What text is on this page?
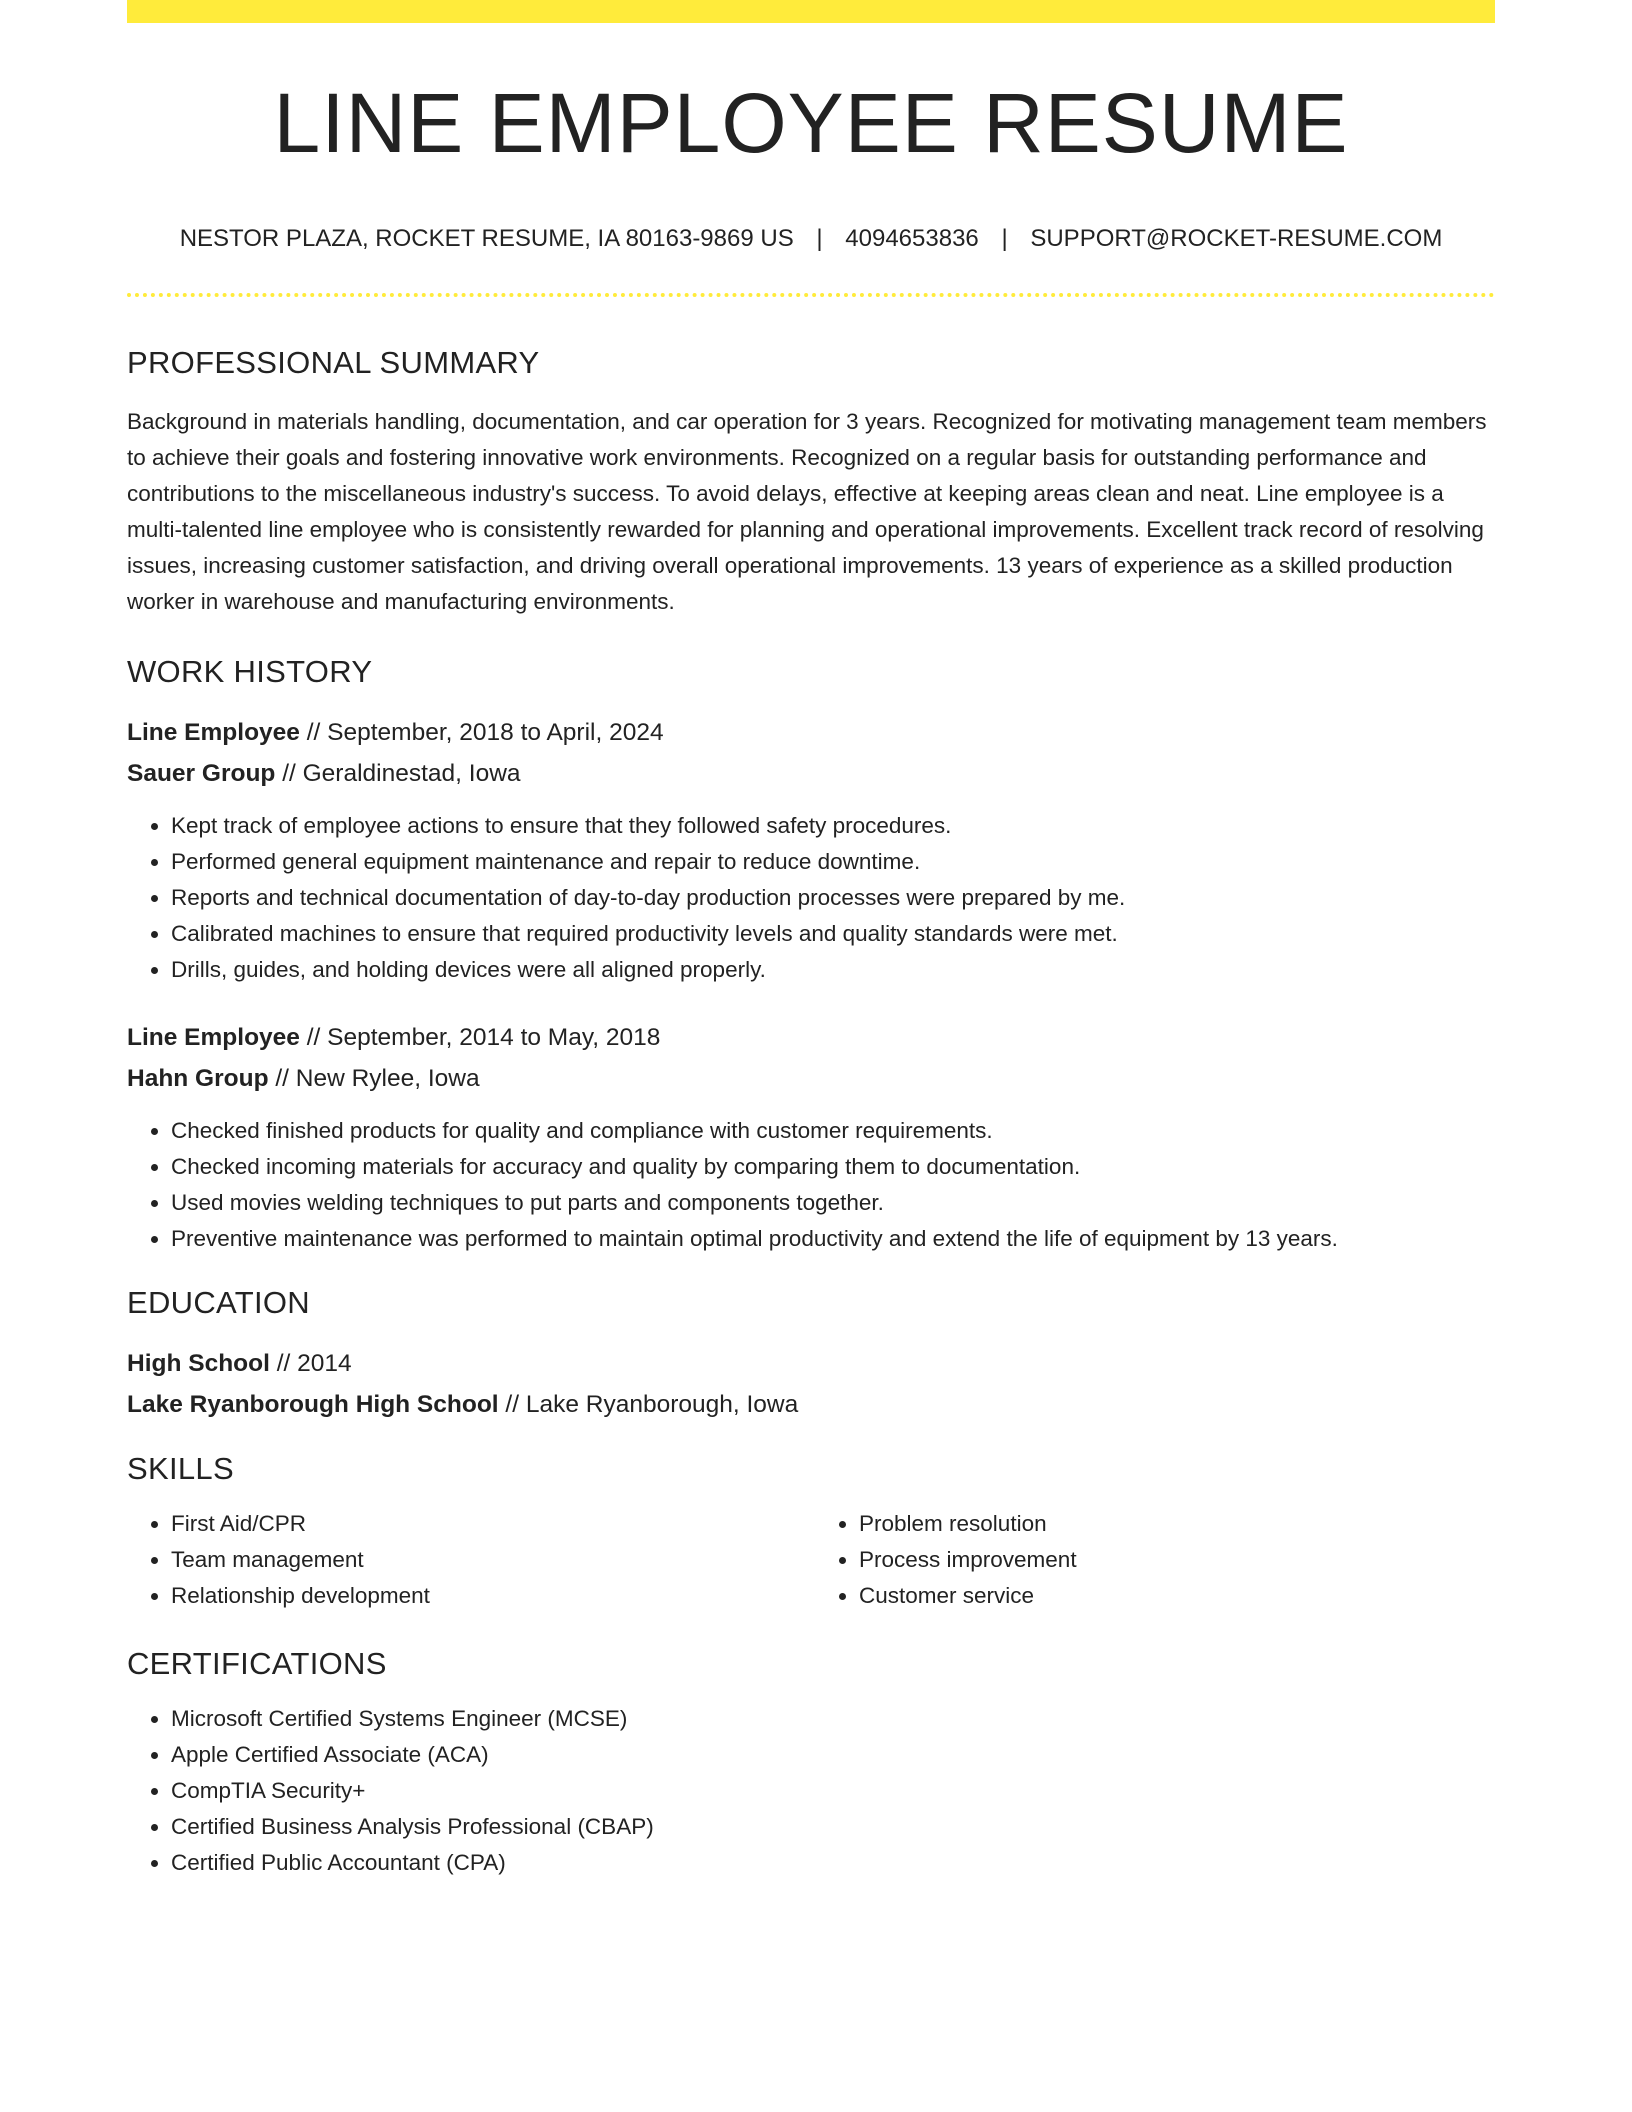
LINE EMPLOYEE RESUME
NESTOR PLAZA, ROCKET RESUME, IA 80163-9869 US | 4094653836 | SUPPORT@ROCKET-RESUME.COM
PROFESSIONAL SUMMARY

Background in materials handling, documentation, and car operation for 3 years. Recognized for motivating management team members to achieve their goals and fostering innovative work environments. Recognized on a regular basis for outstanding performance and contributions to the miscellaneous industry's success. To avoid delays, effective at keeping areas clean and neat. Line employee is a multi-talented line employee who is consistently rewarded for planning and operational improvements. Excellent track record of resolving issues, increasing customer satisfaction, and driving overall operational improvements. 13 years of experience as a skilled production worker in warehouse and manufacturing environments.

WORK HISTORY
Line Employee // September, 2018 to April, 2024
Sauer Group // Geraldinestad, Iowa
• Kept track of employee actions to ensure that they followed safety procedures.
• Performed general equipment maintenance and repair to reduce downtime.
• Reports and technical documentation of day-to-day production processes were prepared by me.
• Calibrated machines to ensure that required productivity levels and quality standards were met.
• Drills, guides, and holding devices were all aligned properly.
Line Employee // September, 2014 to May, 2018
Hahn Group // New Rylee, Iowa
• Checked finished products for quality and compliance with customer requirements.
• Checked incoming materials for accuracy and quality by comparing them to documentation.
• Used movies welding techniques to put parts and components together.
• Preventive maintenance was performed to maintain optimal productivity and extend the life of equipment by 13 years.
EDUCATION
High School // 2014
Lake Ryanborough High School // Lake Ryanborough, Iowa
SKILLS
• First Aid/CPR
• Team management
• Relationship development
• Problem resolution
• Process improvement
• Customer service
CERTIFICATIONS
• Microsoft Certified Systems Engineer (MCSE)
• Apple Certified Associate (ACA)
• CompTIA Security+
• Certified Business Analysis Professional (CBAP)
• Certified Public Accountant (CPA)
